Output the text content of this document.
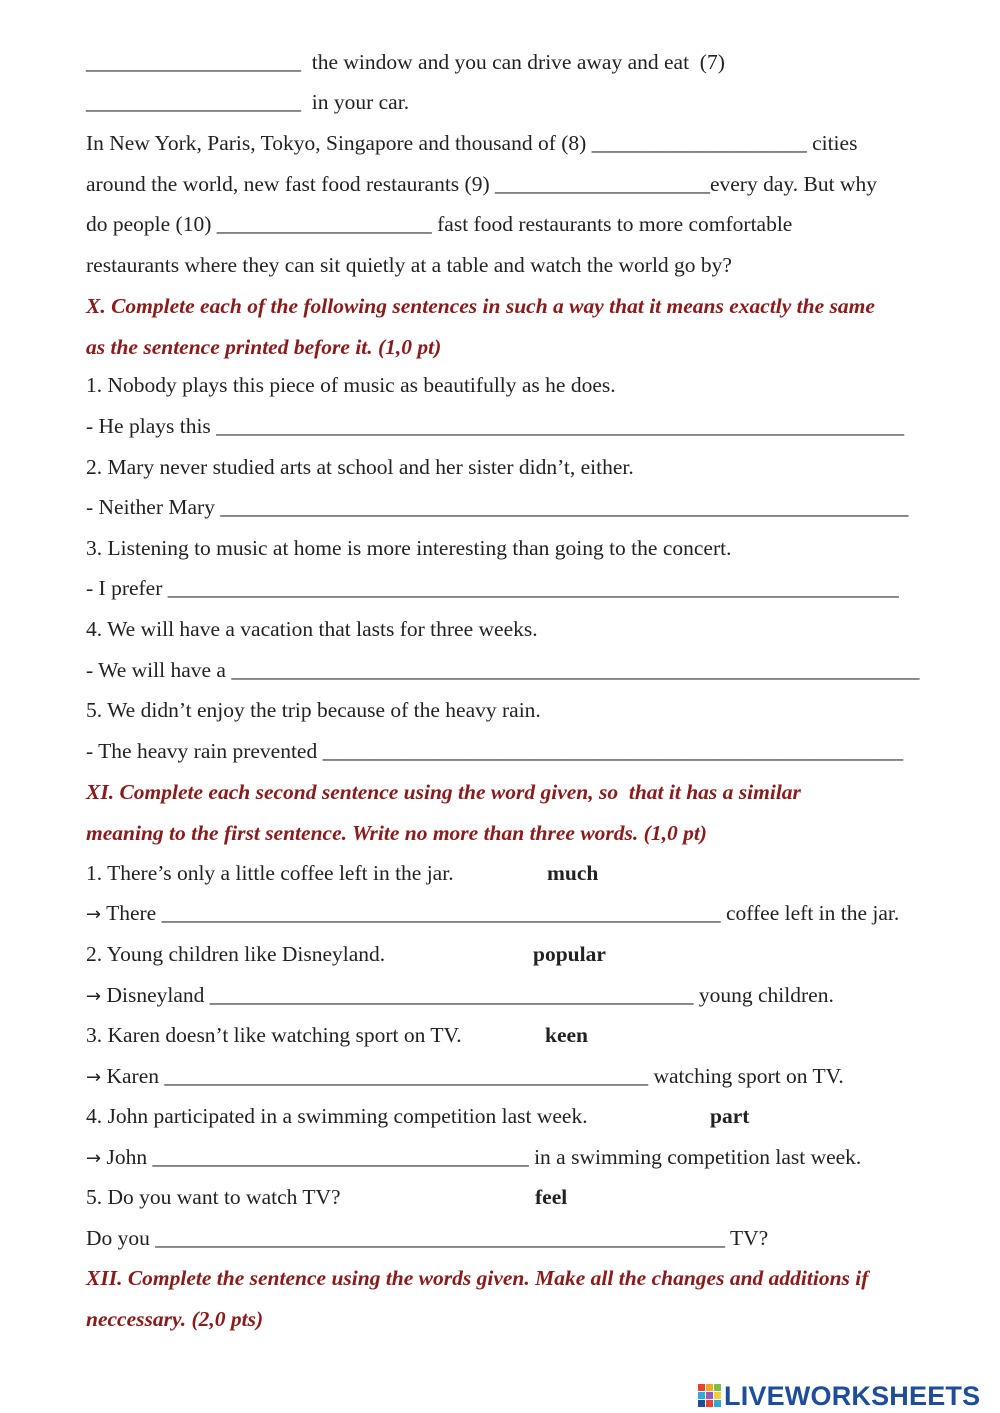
____________________  the window and you can drive away and eat  (7)

____________________  in your car.

In New York, Paris, Tokyo, Singapore and thousand of (8) ____________________ cities

around the world, new fast food restaurants (9) ____________________every day. But why

do people (10) ____________________ fast food restaurants to more comfortable

restaurants where they can sit quietly at a table and watch the world go by?

X. Complete each of the following sentences in such a way that it means exactly the same

as the sentence printed before it. (1,0 pt)

1. Nobody plays this piece of music as beautifully as he does.

- He plays this ________________________________________________________________

2. Mary never studied arts at school and her sister didn’t, either.

- Neither Mary ________________________________________________________________

3. Listening to music at home is more interesting than going to the concert.

- I prefer ____________________________________________________________________

4. We will have a vacation that lasts for three weeks.

- We will have a ________________________________________________________________

5. We didn’t enjoy the trip because of the heavy rain.

- The heavy rain prevented ______________________________________________________

XI. Complete each second sentence using the word given, so  that it has a similar

meaning to the first sentence. Write no more than three words. (1,0 pt)

1. There’s only a little coffee left in the jar.	much

→ There ____________________________________________________ coffee left in the jar.

2. Young children like Disneyland.	popular

→ Disneyland _____________________________________________ young children.

3. Karen doesn’t like watching sport on TV.	keen

→ Karen _____________________________________________ watching sport on TV.

4. John participated in a swimming competition last week.	part

→ John ___________________________________ in a swimming competition last week.

5. Do you want to watch TV?	feel

Do you _____________________________________________________ TV?

XII. Complete the sentence using the words given. Make all the changes and additions if

neccessary. (2,0 pts)

LIVEWORKSHEETS
